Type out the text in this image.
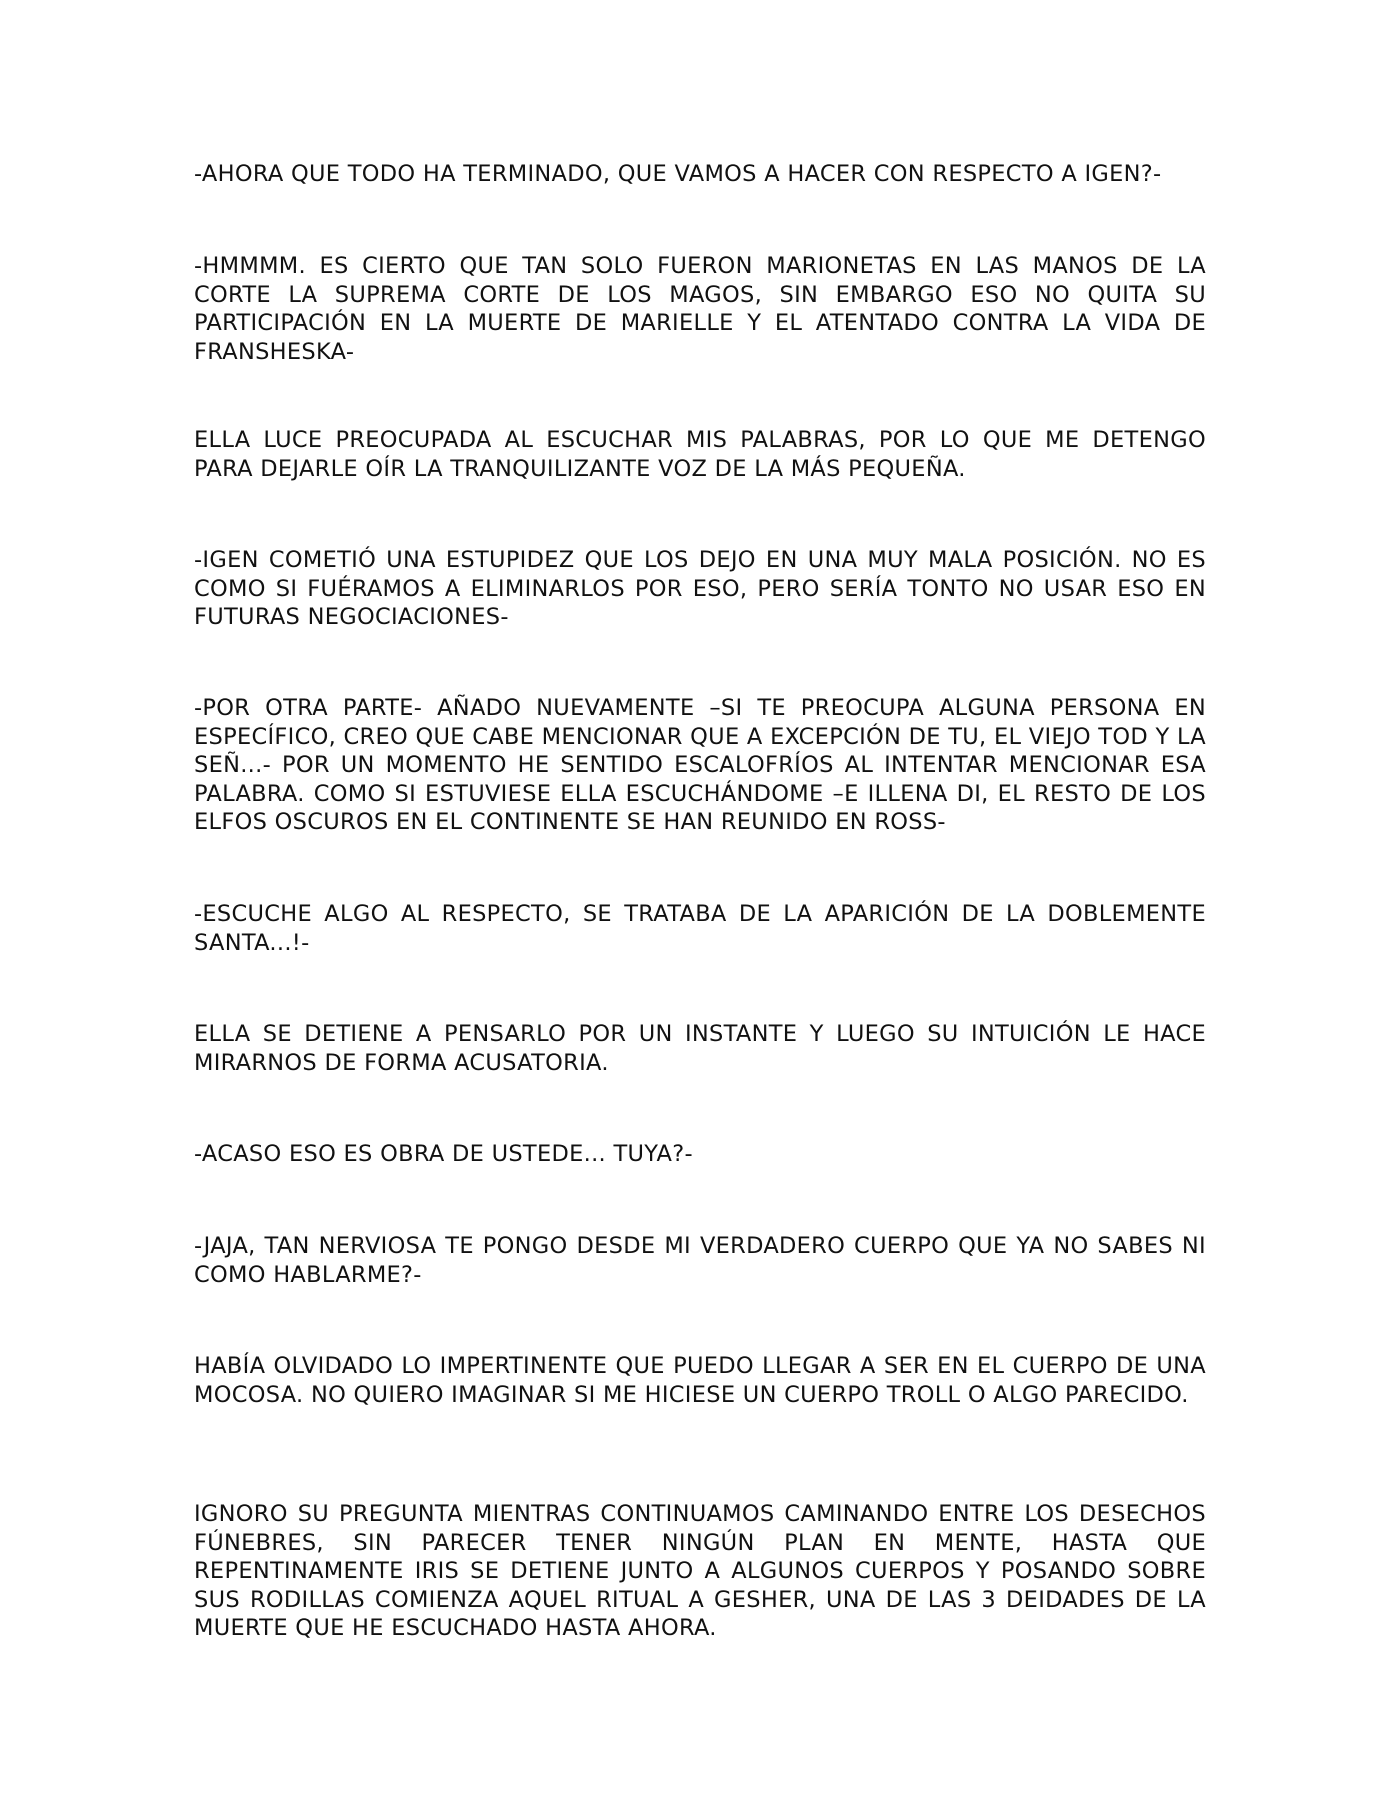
-AHORA QUE TODO HA TERMINADO, QUE VAMOS A HACER CON RESPECTO A IGEN?-

-HMMMM. ES CIERTO QUE TAN SOLO FUERON MARIONETAS EN LAS MANOS DE LA CORTE LA SUPREMA CORTE DE LOS MAGOS, SIN EMBARGO ESO NO QUITA SU PARTICIPACIÓN EN LA MUERTE DE MARIELLE Y EL ATENTADO CONTRA LA VIDA DE FRANSHESKA-

ELLA LUCE PREOCUPADA AL ESCUCHAR MIS PALABRAS, POR LO QUE ME DETENGO PARA DEJARLE OÍR LA TRANQUILIZANTE VOZ DE LA MÁS PEQUEÑA.

-IGEN COMETIÓ UNA ESTUPIDEZ QUE LOS DEJO EN UNA MUY MALA POSICIÓN. NO ES COMO SI FUÉRAMOS A ELIMINARLOS POR ESO, PERO SERÍA TONTO NO USAR ESO EN FUTURAS NEGOCIACIONES-

-POR OTRA PARTE- AÑADO NUEVAMENTE –SI TE PREOCUPA ALGUNA PERSONA EN ESPECÍFICO, CREO QUE CABE MENCIONAR QUE A EXCEPCIÓN DE TU, EL VIEJO TOD Y LA SEÑ...- POR UN MOMENTO HE SENTIDO ESCALOFRÍOS AL INTENTAR MENCIONAR ESA PALABRA. COMO SI ESTUVIESE ELLA ESCUCHÁNDOME –E ILLENA DI, EL RESTO DE LOS ELFOS OSCUROS EN EL CONTINENTE SE HAN REUNIDO EN ROSS-

-ESCUCHE ALGO AL RESPECTO, SE TRATABA DE LA APARICIÓN DE LA DOBLEMENTE SANTA...!-

ELLA SE DETIENE A PENSARLO POR UN INSTANTE Y LUEGO SU INTUICIÓN LE HACE MIRARNOS DE FORMA ACUSATORIA.

-ACASO ESO ES OBRA DE USTEDE... TUYA?-

-JAJA, TAN NERVIOSA TE PONGO DESDE MI VERDADERO CUERPO QUE YA NO SABES NI COMO HABLARME?-

HABÍA OLVIDADO LO IMPERTINENTE QUE PUEDO LLEGAR A SER EN EL CUERPO DE UNA MOCOSA. NO QUIERO IMAGINAR SI ME HICIESE UN CUERPO TROLL O ALGO PARECIDO.

IGNORO SU PREGUNTA MIENTRAS CONTINUAMOS CAMINANDO ENTRE LOS DESECHOS FÚNEBRES, SIN PARECER TENER NINGÚN PLAN EN MENTE, HASTA QUE REPENTINAMENTE IRIS SE DETIENE JUNTO A ALGUNOS CUERPOS Y POSANDO SOBRE SUS RODILLAS COMIENZA AQUEL RITUAL A GESHER, UNA DE LAS 3 DEIDADES DE LA MUERTE QUE HE ESCUCHADO HASTA AHORA.
